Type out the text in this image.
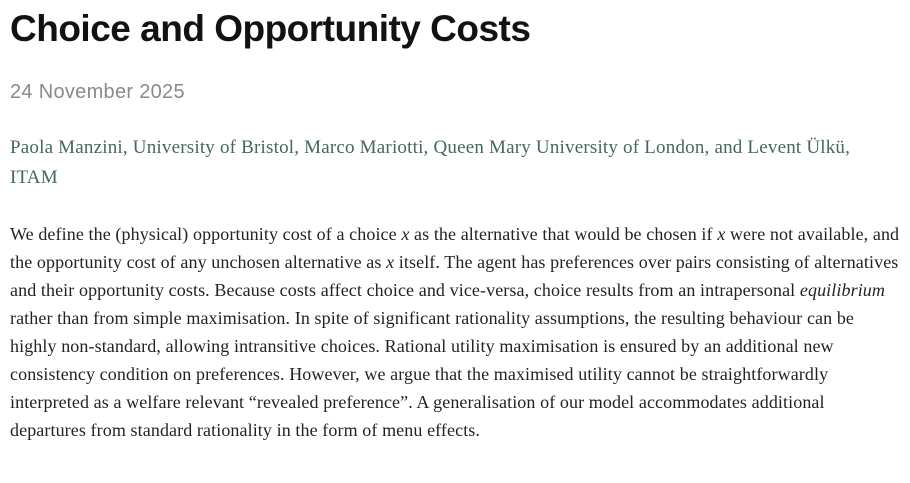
Choice and Opportunity Costs
24 November 2025
Paola Manzini, University of Bristol, Marco Mariotti, Queen Mary University of London, and Levent Ülkü, ITAM

We define the (physical) opportunity cost of a choice x as the alternative that would be chosen if x were not available, and the opportunity cost of any unchosen alternative as x itself. The agent has preferences over pairs consisting of alternatives and their opportunity costs. Because costs affect choice and vice-versa, choice results from an intrapersonal equilibrium rather than from simple maximisation. In spite of significant rationality assumptions, the resulting behaviour can be highly non-standard, allowing intransitive choices. Rational utility maximisation is ensured by an additional new consistency condition on preferences. However, we argue that the maximised utility cannot be straightforwardly interpreted as a welfare relevant “revealed preference”. A generalisation of our model accommodates additional departures from standard rationality in the form of menu effects.
